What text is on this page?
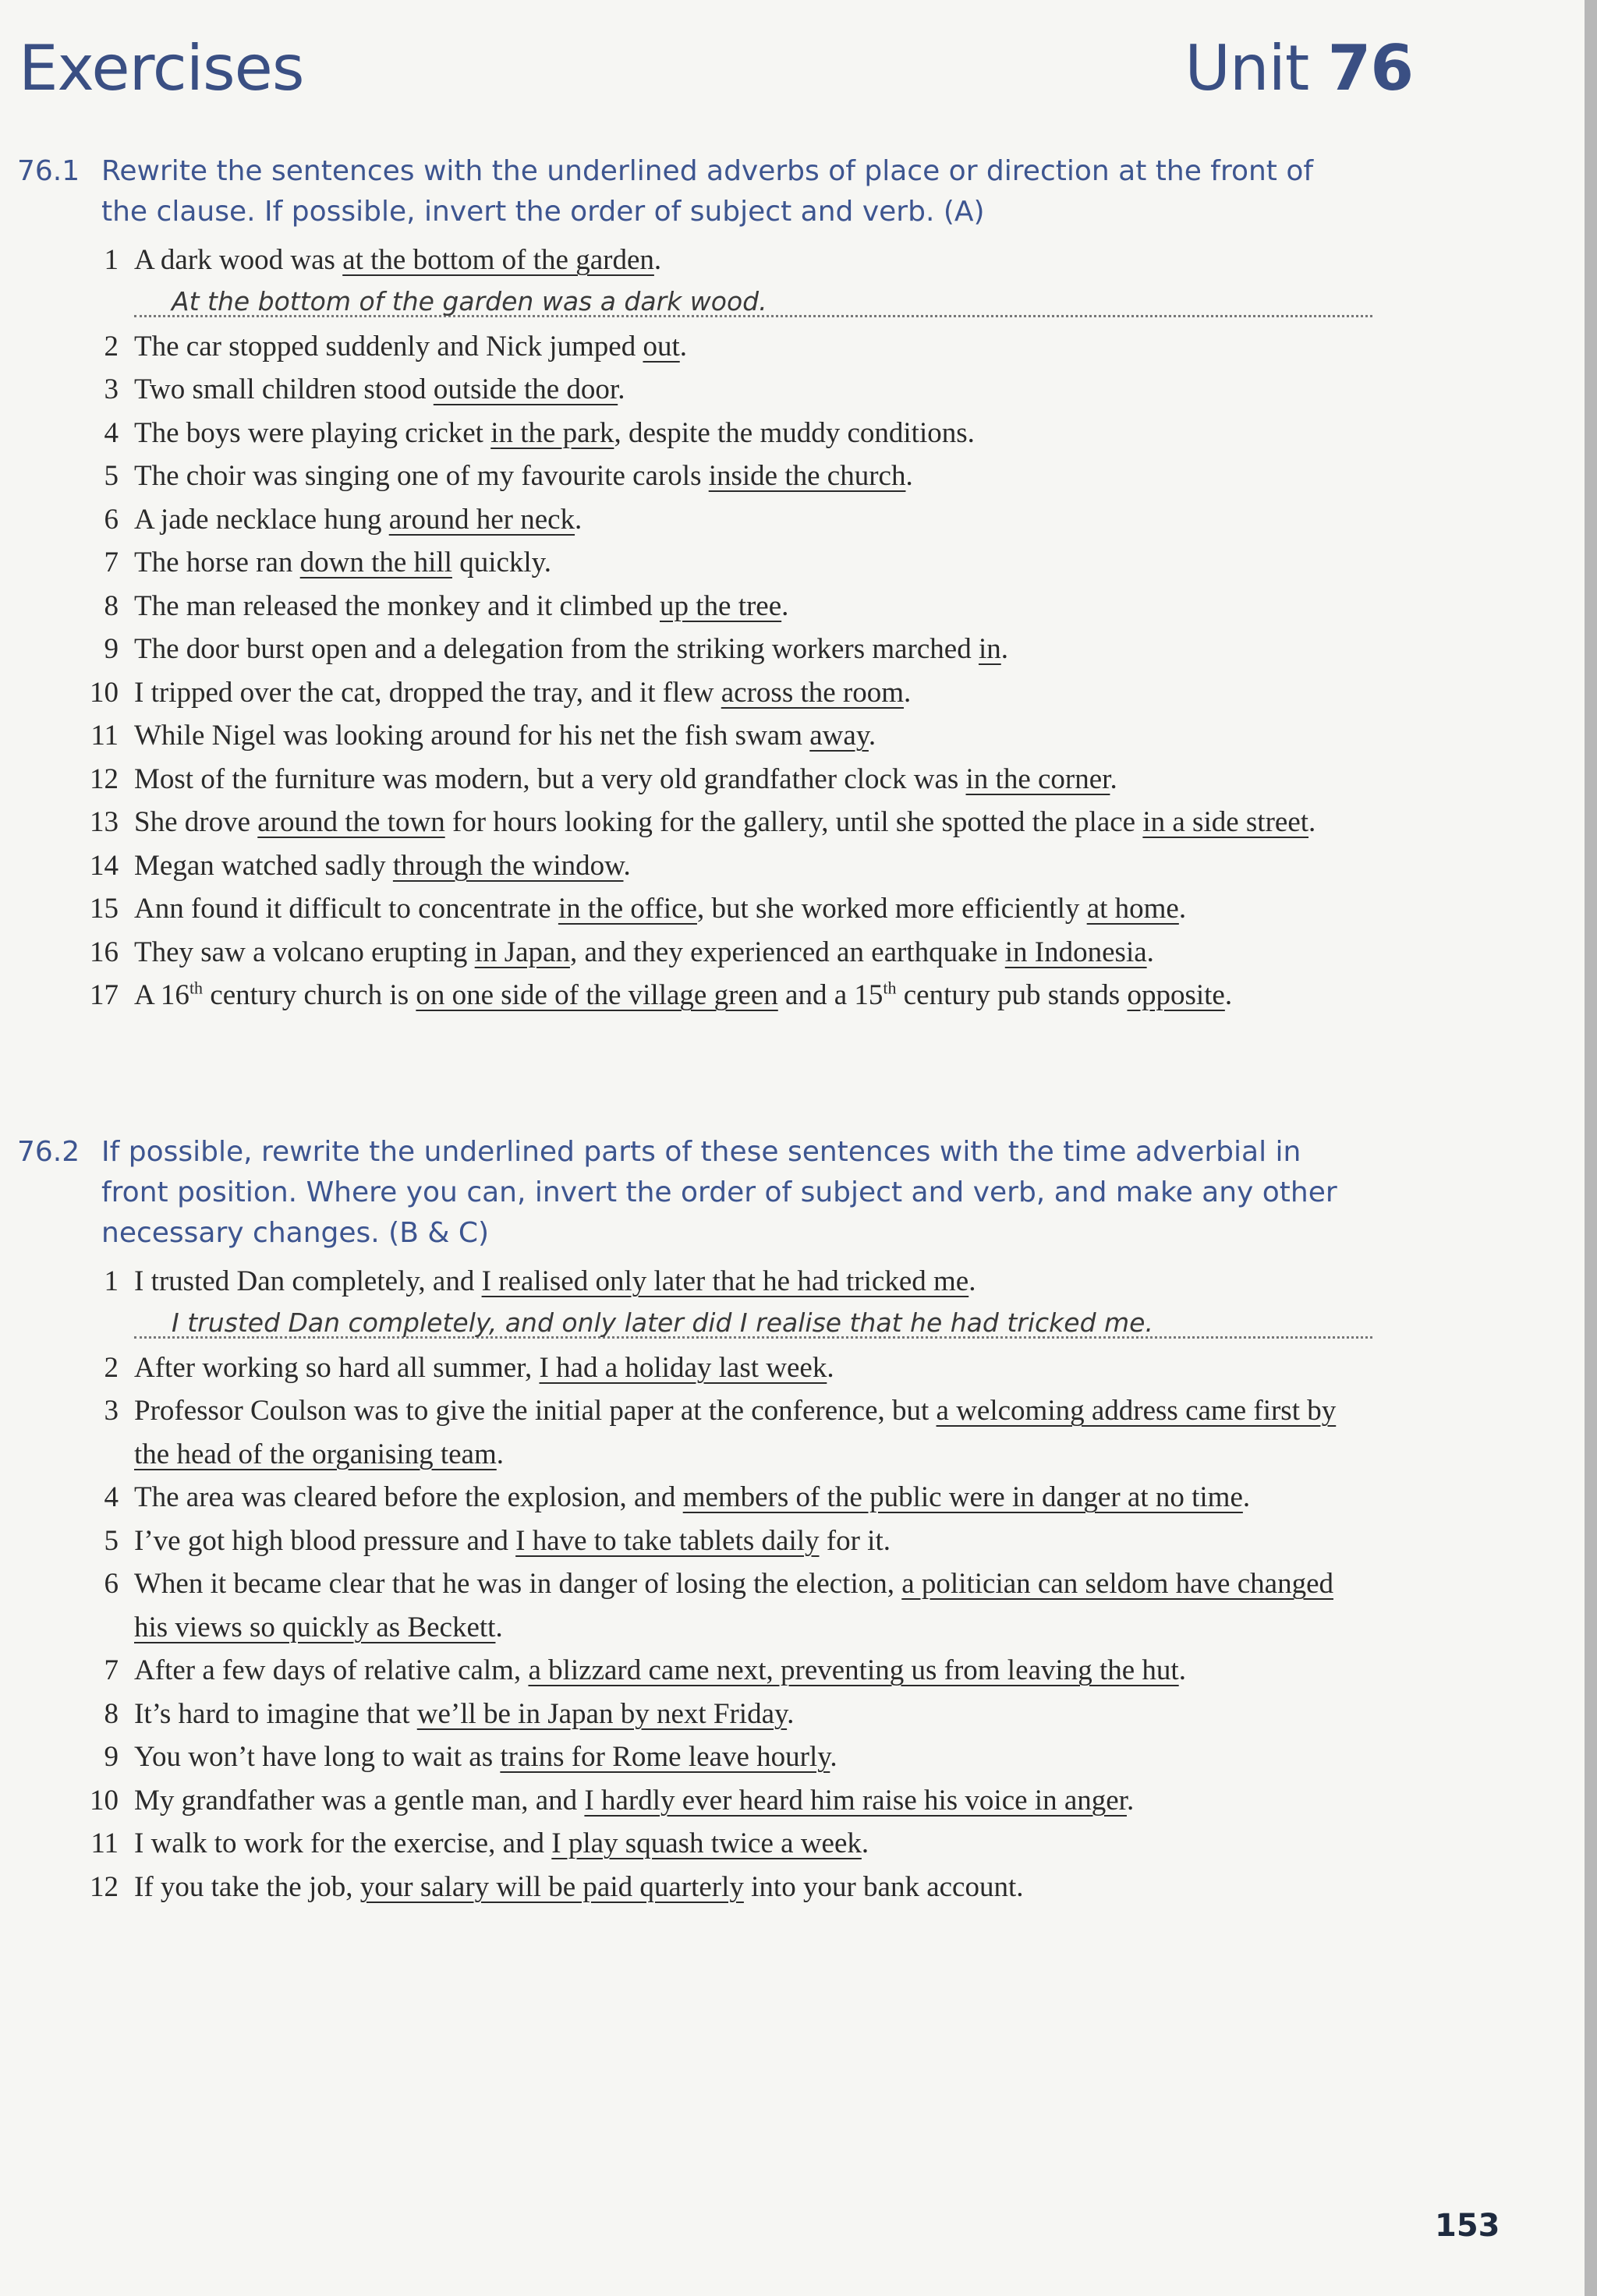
Exercises	Unit 76
76.1 Rewrite the sentences with the underlined adverbs of place or direction at the front of the clause. If possible, invert the order of subject and verb. (A)
1 A dark wood was at the bottom of the garden.
At the bottom of the garden was a dark wood.
2 The car stopped suddenly and Nick jumped out.
3 Two small children stood outside the door.
4 The boys were playing cricket in the park, despite the muddy conditions.
5 The choir was singing one of my favourite carols inside the church.
6 A jade necklace hung around her neck.
7 The horse ran down the hill quickly.
8 The man released the monkey and it climbed up the tree.
9 The door burst open and a delegation from the striking workers marched in.
10 I tripped over the cat, dropped the tray, and it flew across the room.
11 While Nigel was looking around for his net the fish swam away.
12 Most of the furniture was modern, but a very old grandfather clock was in the corner.
13 She drove around the town for hours looking for the gallery, until she spotted the place in a side street.
14 Megan watched sadly through the window.
15 Ann found it difficult to concentrate in the office, but she worked more efficiently at home.
16 They saw a volcano erupting in Japan, and they experienced an earthquake in Indonesia.
17 A 16th century church is on one side of the village green and a 15th century pub stands opposite.
76.2 If possible, rewrite the underlined parts of these sentences with the time adverbial in front position. Where you can, invert the order of subject and verb, and make any other necessary changes. (B & C)
1 I trusted Dan completely, and I realised only later that he had tricked me.
I trusted Dan completely, and only later did I realise that he had tricked me.
2 After working so hard all summer, I had a holiday last week.
3 Professor Coulson was to give the initial paper at the conference, but a welcoming address came first by the head of the organising team.
4 The area was cleared before the explosion, and members of the public were in danger at no time.
5 I’ve got high blood pressure and I have to take tablets daily for it.
6 When it became clear that he was in danger of losing the election, a politician can seldom have changed his views so quickly as Beckett.
7 After a few days of relative calm, a blizzard came next, preventing us from leaving the hut.
8 It’s hard to imagine that we’ll be in Japan by next Friday.
9 You won’t have long to wait as trains for Rome leave hourly.
10 My grandfather was a gentle man, and I hardly ever heard him raise his voice in anger.
11 I walk to work for the exercise, and I play squash twice a week.
12 If you take the job, your salary will be paid quarterly into your bank account.
153
